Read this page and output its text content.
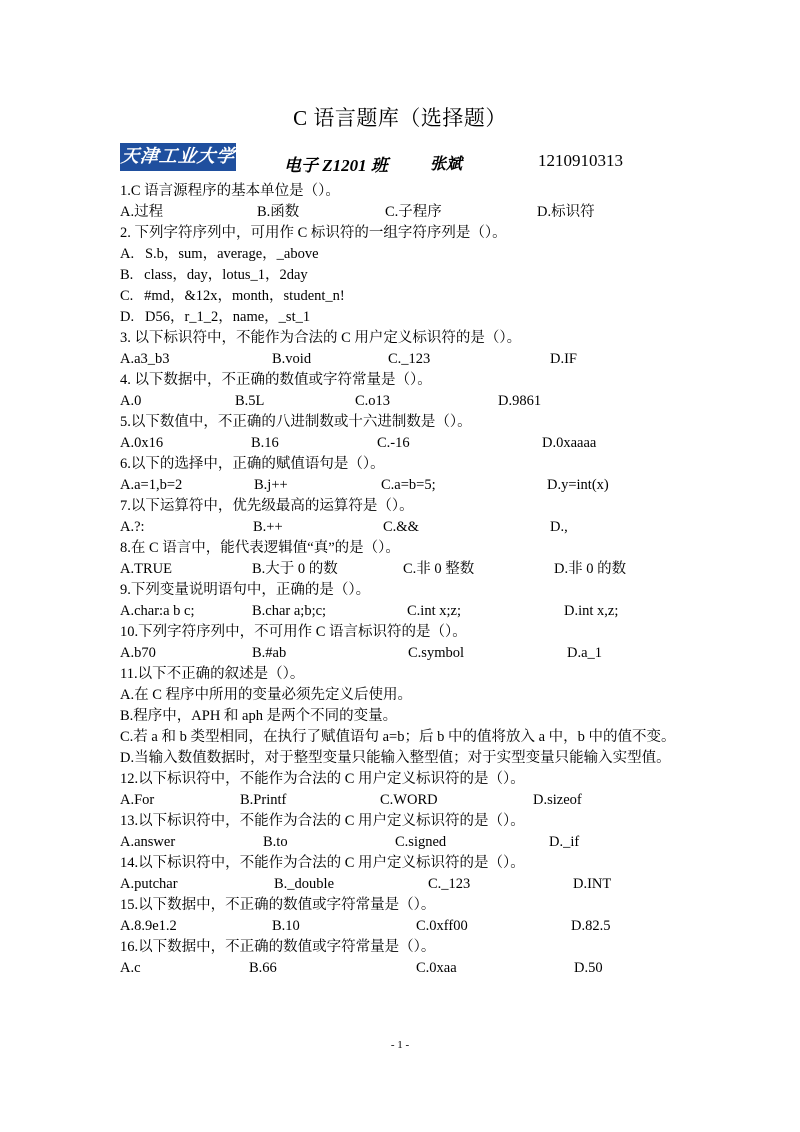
C 语言题库（选择题）
天津工业大学	电子 Z1201 班	张斌	1210910313
1.C 语言源程序的基本单位是（）。
A.过程	B.函数	C.子程序	D.标识符
2. 下列字符序列中，可用作 C 标识符的一组字符序列是（）。
A.   S.b，sum，average，_above
B.   class，day，lotus_1，2day
C.   #md，&12x，month，student_n!
D.   D56，r_1_2，name，_st_1
3. 以下标识符中，不能作为合法的 C 用户定义标识符的是（）。
A.a3_b3	B.void	C._123	D.IF
4. 以下数据中，不正确的数值或字符常量是（）。
A.0	B.5L	C.o13	D.9861
5.以下数值中，不正确的八进制数或十六进制数是（）。
A.0x16	B.16	C.-16	D.0xaaaa
6.以下的选择中，正确的赋值语句是（）。
A.a=1,b=2	B.j++	C.a=b=5;	D.y=int(x)
7.以下运算符中，优先级最高的运算符是（）。
A.?:	B.++	C.&&	D.,
8.在 C 语言中，能代表逻辑值“真”的是（）。
A.TRUE	B.大于 0 的数	C.非 0 整数	D.非 0 的数
9.下列变量说明语句中，正确的是（）。
A.char:a b c;	B.char a;b;c;	C.int x;z;	D.int x,z;
10.下列字符序列中，不可用作 C 语言标识符的是（）。
A.b70	B.#ab	C.symbol	D.a_1
11.以下不正确的叙述是（）。
A.在 C 程序中所用的变量必须先定义后使用。
B.程序中，APH 和 aph 是两个不同的变量。
C.若 a 和 b 类型相同，在执行了赋值语句 a=b；后 b 中的值将放入 a 中，b 中的值不变。
D.当输入数值数据时，对于整型变量只能输入整型值；对于实型变量只能输入实型值。
12.以下标识符中，不能作为合法的 C 用户定义标识符的是（）。
A.For	B.Printf	C.WORD	D.sizeof
13.以下标识符中，不能作为合法的 C 用户定义标识符的是（）。
A.answer	B.to	C.signed	D._if
14.以下标识符中，不能作为合法的 C 用户定义标识符的是（）。
A.putchar	B._double	C._123	D.INT
15.以下数据中，不正确的数值或字符常量是（）。
A.8.9e1.2	B.10	C.0xff00	D.82.5
16.以下数据中，不正确的数值或字符常量是（）。
A.c	B.66	C.0xaa	D.50
- 1 -
